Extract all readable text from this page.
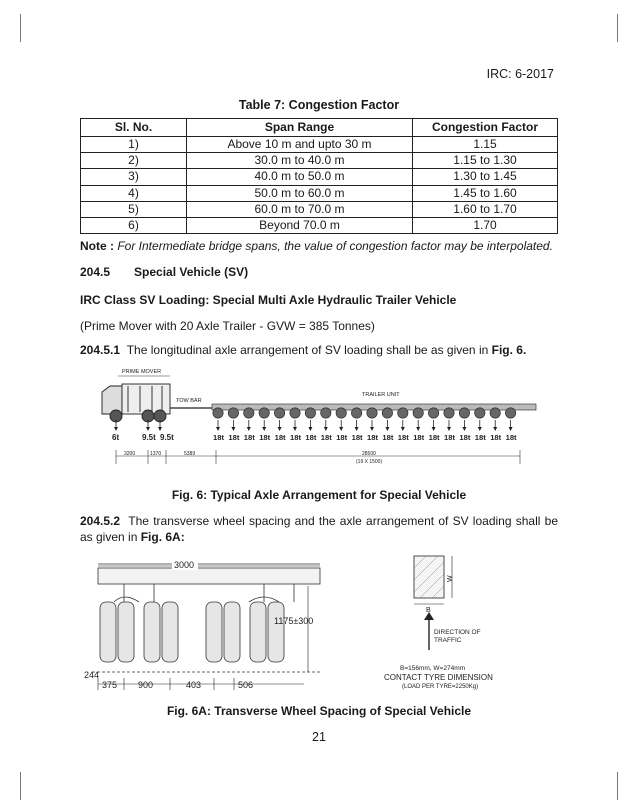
IRC: 6-2017
Table 7: Congestion Factor
Sl. No.	Span Range	Congestion Factor
1)	Above 10 m and upto 30 m	1.15
2)	30.0 m to 40.0 m	1.15 to 1.30
3)	40.0 m to 50.0 m	1.30 to 1.45
4)	50.0 m to 60.0 m	1.45 to 1.60
5)	60.0 m to 70.0 m	1.60 to 1.70
6)	Beyond 70.0 m	1.70
Note : For Intermediate bridge spans, the value of congestion factor may be interpolated.
204.5 Special Vehicle (SV)
IRC Class SV Loading: Special Multi Axle Hydraulic Trailer Vehicle
(Prime Mover with 20 Axle Trailer - GVW = 385 Tonnes)
204.5.1 The longitudinal axle arrangement of SV loading shall be as given in Fig. 6.
PRIME MOVER
TOW BAR
TRAILER UNIT
6t	9.5t 9.5t	18t 18t 18t 18t 18t 18t 18t 18t 18t 18t 18t 18t 18t 18t 18t 18t 18t 18t 18t 18t
3200	1370	5389	28500
(19 X 1500)
Fig. 6: Typical Axle Arrangement for Special Vehicle
204.5.2 The transverse wheel spacing and the axle arrangement of SV loading shall be as given in Fig. 6A:
3000
1175±300
244
375 900	403	506
W
B
DIRECTION OF
TRAFFIC
B=156mm, W=274mm
CONTACT TYRE DIMENSION
(LOAD PER TYRE=2250Kg)
Fig. 6A: Transverse Wheel Spacing of Special Vehicle
21
